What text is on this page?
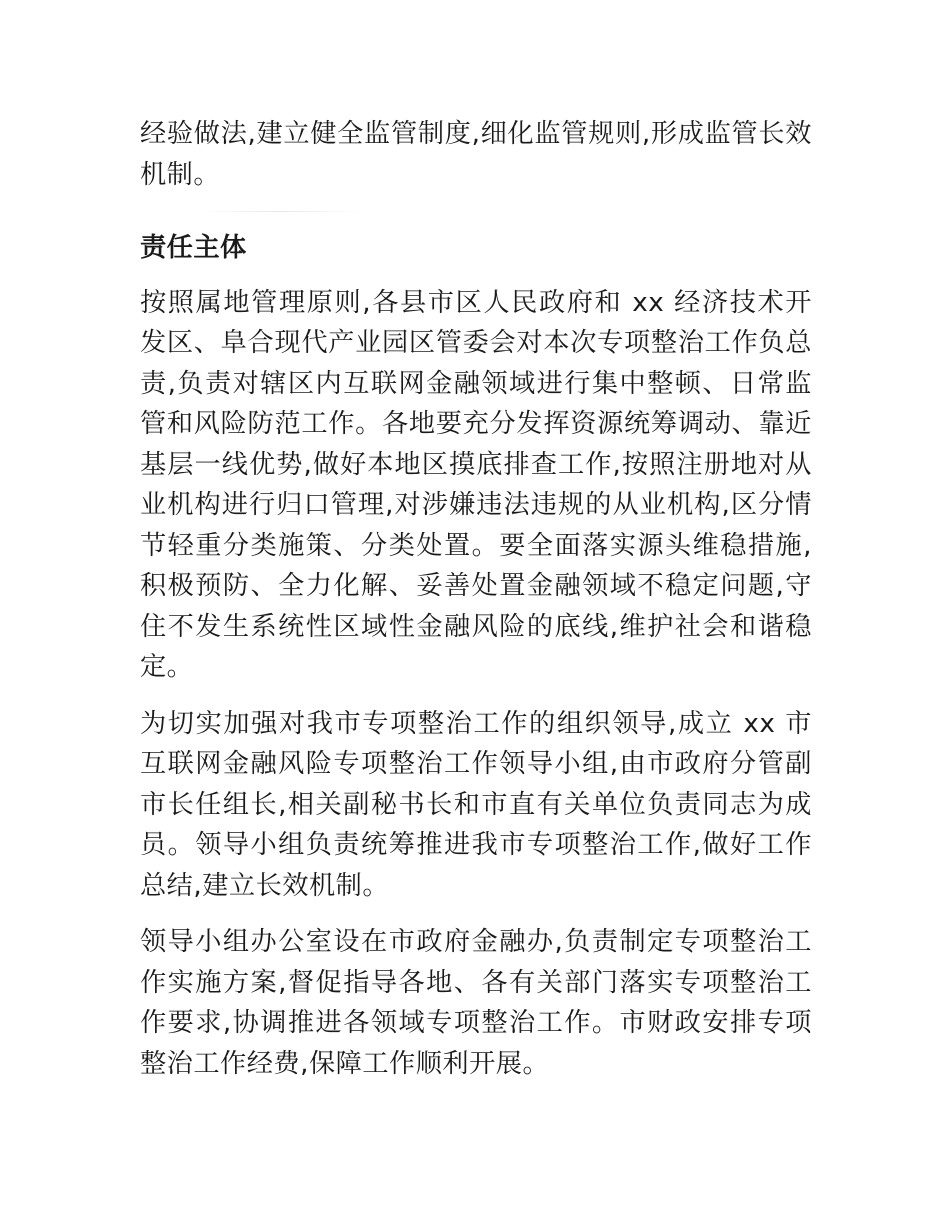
经验做法,建立健全监管制度,细化监管规则,形成监管长效机制。

责任主体

按照属地管理原则,各县市区人民政府和 xx 经济技术开发区、阜合现代产业园区管委会对本次专项整治工作负总责,负责对辖区内互联网金融领域进行集中整顿、日常监管和风险防范工作。各地要充分发挥资源统筹调动、靠近基层一线优势,做好本地区摸底排查工作,按照注册地对从业机构进行归口管理,对涉嫌违法违规的从业机构,区分情节轻重分类施策、分类处置。要全面落实源头维稳措施,积极预防、全力化解、妥善处置金融领域不稳定问题,守住不发生系统性区域性金融风险的底线,维护社会和谐稳定。

为切实加强对我市专项整治工作的组织领导,成立 xx 市互联网金融风险专项整治工作领导小组,由市政府分管副市长任组长,相关副秘书长和市直有关单位负责同志为成员。领导小组负责统筹推进我市专项整治工作,做好工作总结,建立长效机制。

领导小组办公室设在市政府金融办,负责制定专项整治工作实施方案,督促指导各地、各有关部门落实专项整治工作要求,协调推进各领域专项整治工作。市财政安排专项整治工作经费,保障工作顺利开展。
